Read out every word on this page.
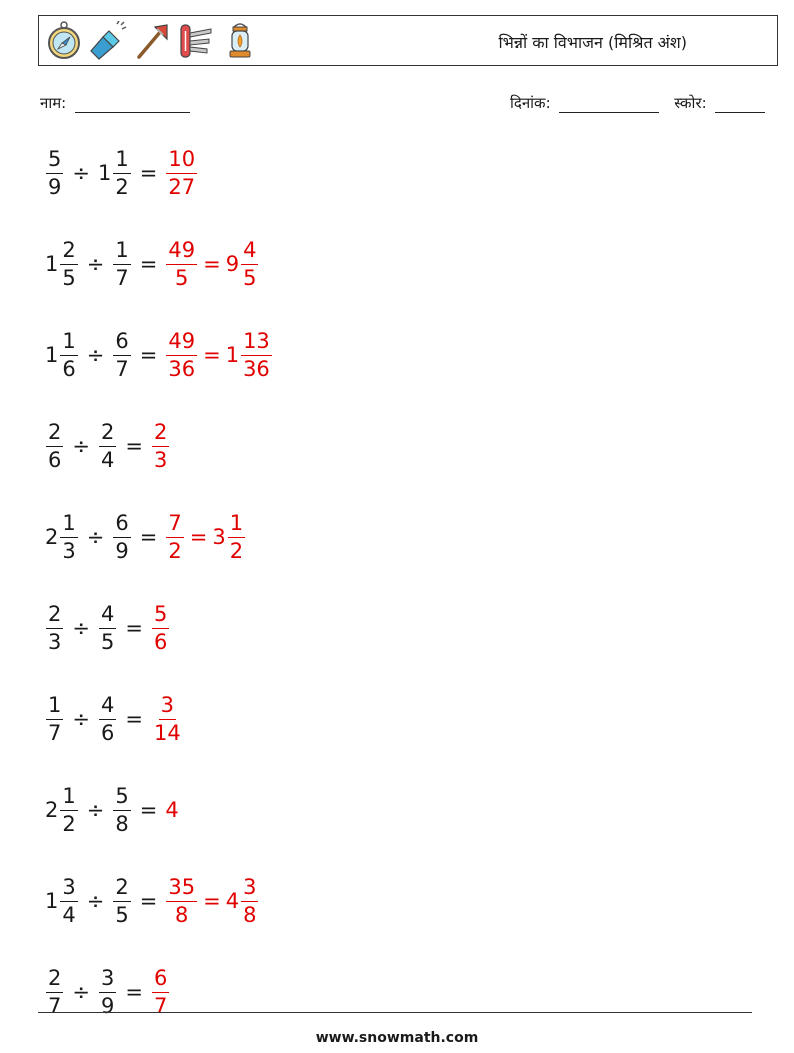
भिन्नों का विभाजन (मिश्रित अंश)
नाम:	दिनांक:	स्कोर:
$\frac{5}{9} \div 1 \frac{1}{2} = \frac{10}{27}$
$1 \frac{2}{5} \div \frac{1}{7} = \frac{49}{5} = 9 \frac{4}{5}$
$1 \frac{1}{6} \div \frac{6}{7} = \frac{49}{36} = 1 \frac{13}{36}$
$\frac{2}{6} \div \frac{2}{4} = \frac{2}{3}$
$2 \frac{1}{3} \div \frac{6}{9} = \frac{7}{2} = 3 \frac{1}{2}$
$\frac{2}{3} \div \frac{4}{5} = \frac{5}{6}$
$\frac{1}{7} \div \frac{4}{6} = \frac{3}{14}$
$2 \frac{1}{2} \div \frac{5}{8} = 4$
$1 \frac{3}{4} \div \frac{2}{5} = \frac{35}{8} = 4 \frac{3}{8}$
$\frac{2}{7} \div \frac{3}{9} = \frac{6}{7}$
www.snowmath.com
